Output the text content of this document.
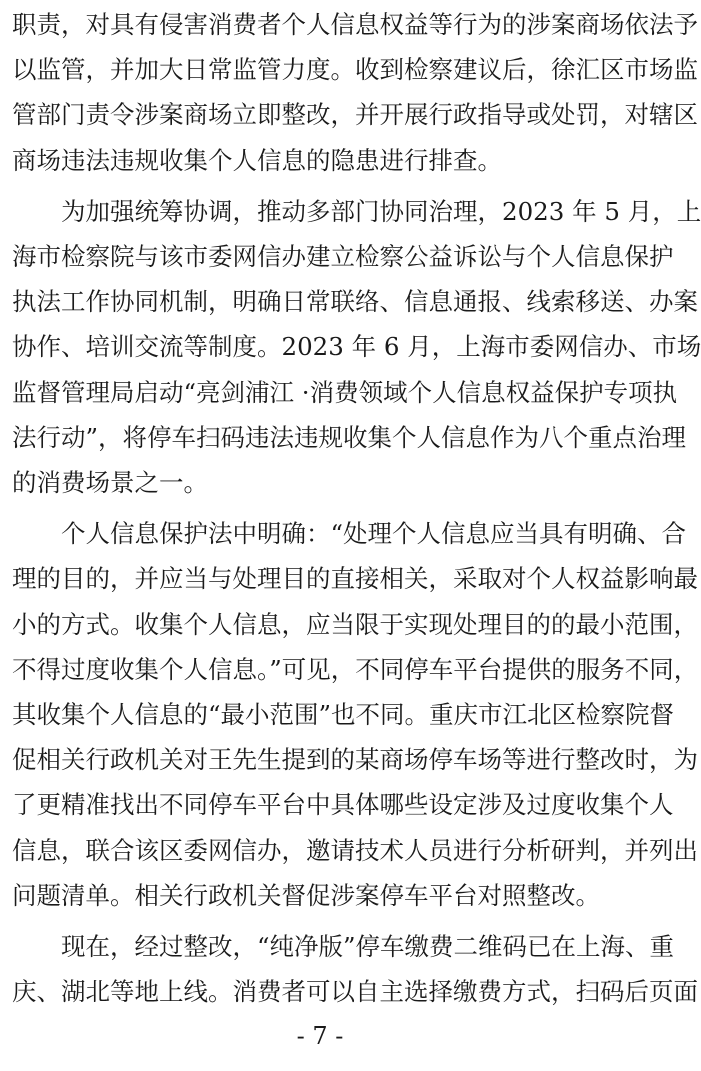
职责，对具有侵害消费者个人信息权益等行为的涉案商场依法予
以监管，并加大日常监管力度。收到检察建议后，徐汇区市场监
管部门责令涉案商场立即整改，并开展行政指导或处罚，对辖区
商场违法违规收集个人信息的隐患进行排查。
　　为加强统筹协调，推动多部门协同治理，2023 年 5 月，上
海市检察院与该市委网信办建立检察公益诉讼与个人信息保护
执法工作协同机制，明确日常联络、信息通报、线索移送、办案
协作、培训交流等制度。2023 年 6 月，上海市委网信办、市场
监督管理局启动“亮剑浦江 ·消费领域个人信息权益保护专项执
法行动”，将停车扫码违法违规收集个人信息作为八个重点治理
的消费场景之一。
　　个人信息保护法中明确：“处理个人信息应当具有明确、合
理的目的，并应当与处理目的直接相关，采取对个人权益影响最
小的方式。收集个人信息，应当限于实现处理目的的最小范围，
不得过度收集个人信息。”可见，不同停车平台提供的服务不同，
其收集个人信息的“最小范围”也不同。重庆市江北区检察院督
促相关行政机关对王先生提到的某商场停车场等进行整改时，为
了更精准找出不同停车平台中具体哪些设定涉及过度收集个人
信息，联合该区委网信办，邀请技术人员进行分析研判，并列出
问题清单。相关行政机关督促涉案停车平台对照整改。
　　现在，经过整改，“纯净版”停车缴费二维码已在上海、重
庆、湖北等地上线。消费者可以自主选择缴费方式，扫码后页面
- 7 -
